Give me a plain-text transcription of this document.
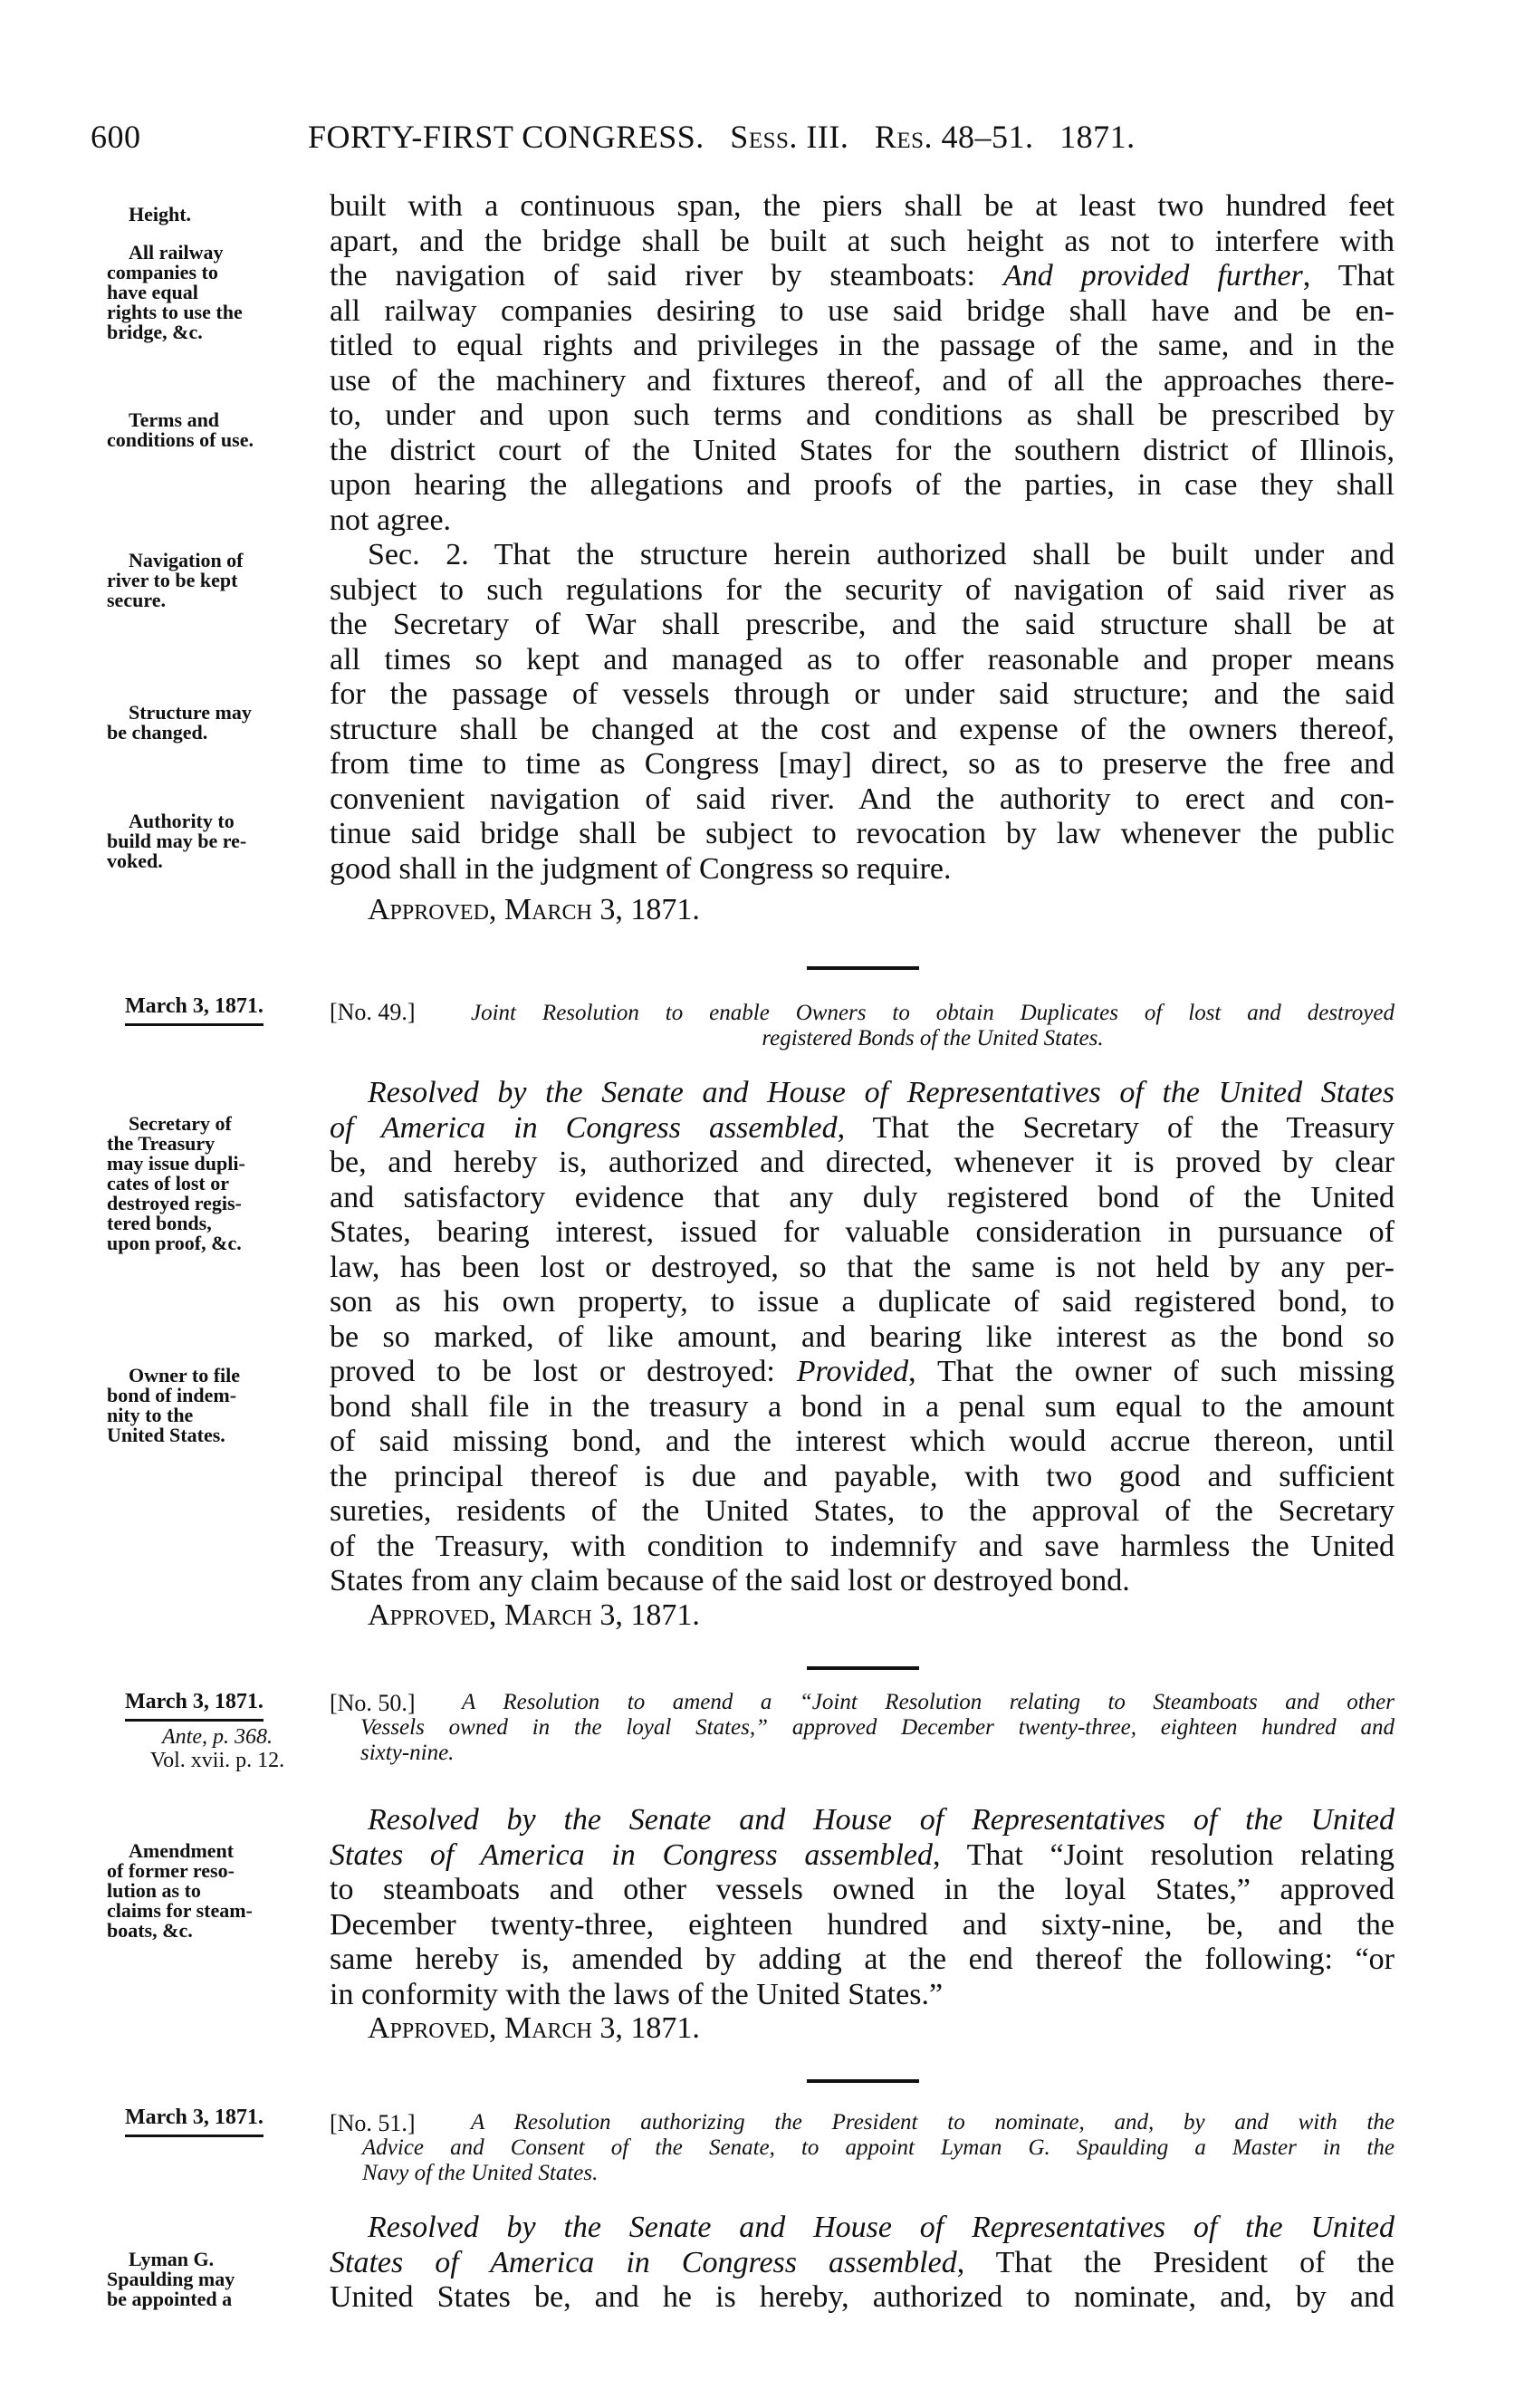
600	FORTY-FIRST CONGRESS. Sess. III. Res. 48–51. 1871.
built with a continuous span, the piers shall be at least two hundred feet
apart, and the bridge shall be built at such height as not to interfere with
the navigation of said river by steamboats: And provided further, That
all railway companies desiring to use said bridge shall have and be en-
titled to equal rights and privileges in the passage of the same, and in the
use of the machinery and fixtures thereof, and of all the approaches there-
to, under and upon such terms and conditions as shall be prescribed by
the district court of the United States for the southern district of Illinois,
upon hearing the allegations and proofs of the parties, in case they shall
not agree.
Sec. 2. That the structure herein authorized shall be built under and
subject to such regulations for the security of navigation of said river as
the Secretary of War shall prescribe, and the said structure shall be at
all times so kept and managed as to offer reasonable and proper means
for the passage of vessels through or under said structure; and the said
structure shall be changed at the cost and expense of the owners thereof,
from time to time as Congress [may] direct, so as to preserve the free and
convenient navigation of said river. And the authority to erect and con-
tinue said bridge shall be subject to revocation by law whenever the public
good shall in the judgment of Congress so require.
Height.
All railway
companies to
have equal
rights to use the
bridge, &c.
Terms and
conditions of use.
Navigation of
river to be kept
secure.
Structure may
be changed.
Authority to
build may be re-
voked.
Approved, March 3, 1871.
March 3, 1871.	[No. 49.] Joint Resolution to enable Owners to obtain Duplicates of lost and destroyed
registered Bonds of the United States.
Resolved by the Senate and House of Representatives of the United States
of America in Congress assembled, That the Secretary of the Treasury
be, and hereby is, authorized and directed, whenever it is proved by clear
and satisfactory evidence that any duly registered bond of the United
States, bearing interest, issued for valuable consideration in pursuance of
law, has been lost or destroyed, so that the same is not held by any per-
son as his own property, to issue a duplicate of said registered bond, to
be so marked, of like amount, and bearing like interest as the bond so
proved to be lost or destroyed: Provided, That the owner of such missing
bond shall file in the treasury a bond in a penal sum equal to the amount
of said missing bond, and the interest which would accrue thereon, until
the principal thereof is due and payable, with two good and sufficient
sureties, residents of the United States, to the approval of the Secretary
of the Treasury, with condition to indemnify and save harmless the United
States from any claim because of the said lost or destroyed bond.
Secretary of
the Treasury
may issue dupli-
cates of lost or
destroyed regis-
tered bonds,
upon proof, &c.
Owner to file
bond of indem-
nity to the
United States.
Approved, March 3, 1871.
March 3, 1871.
Ante, p. 368.
Vol. xvii. p. 12.
[No. 50.] A Resolution to amend a “Joint Resolution relating to Steamboats and other
Vessels owned in the loyal States,” approved December twenty-three, eighteen hundred and
sixty-nine.
Resolved by the Senate and House of Representatives of the United
States of America in Congress assembled, That “Joint resolution relating
to steamboats and other vessels owned in the loyal States,” approved
December twenty-three, eighteen hundred and sixty-nine, be, and the
same hereby is, amended by adding at the end thereof the following: “or
in conformity with the laws of the United States.”
Amendment
of former reso-
lution as to
claims for steam-
boats, &c.
Approved, March 3, 1871.
March 3, 1871.	[No. 51.] A Resolution authorizing the President to nominate, and, by and with the
Advice and Consent of the Senate, to appoint Lyman G. Spaulding a Master in the
Navy of the United States.
Resolved by the Senate and House of Representatives of the United
States of America in Congress assembled, That the President of the
United States be, and he is hereby, authorized to nominate, and, by and
Lyman G.
Spaulding may
be appointed a
